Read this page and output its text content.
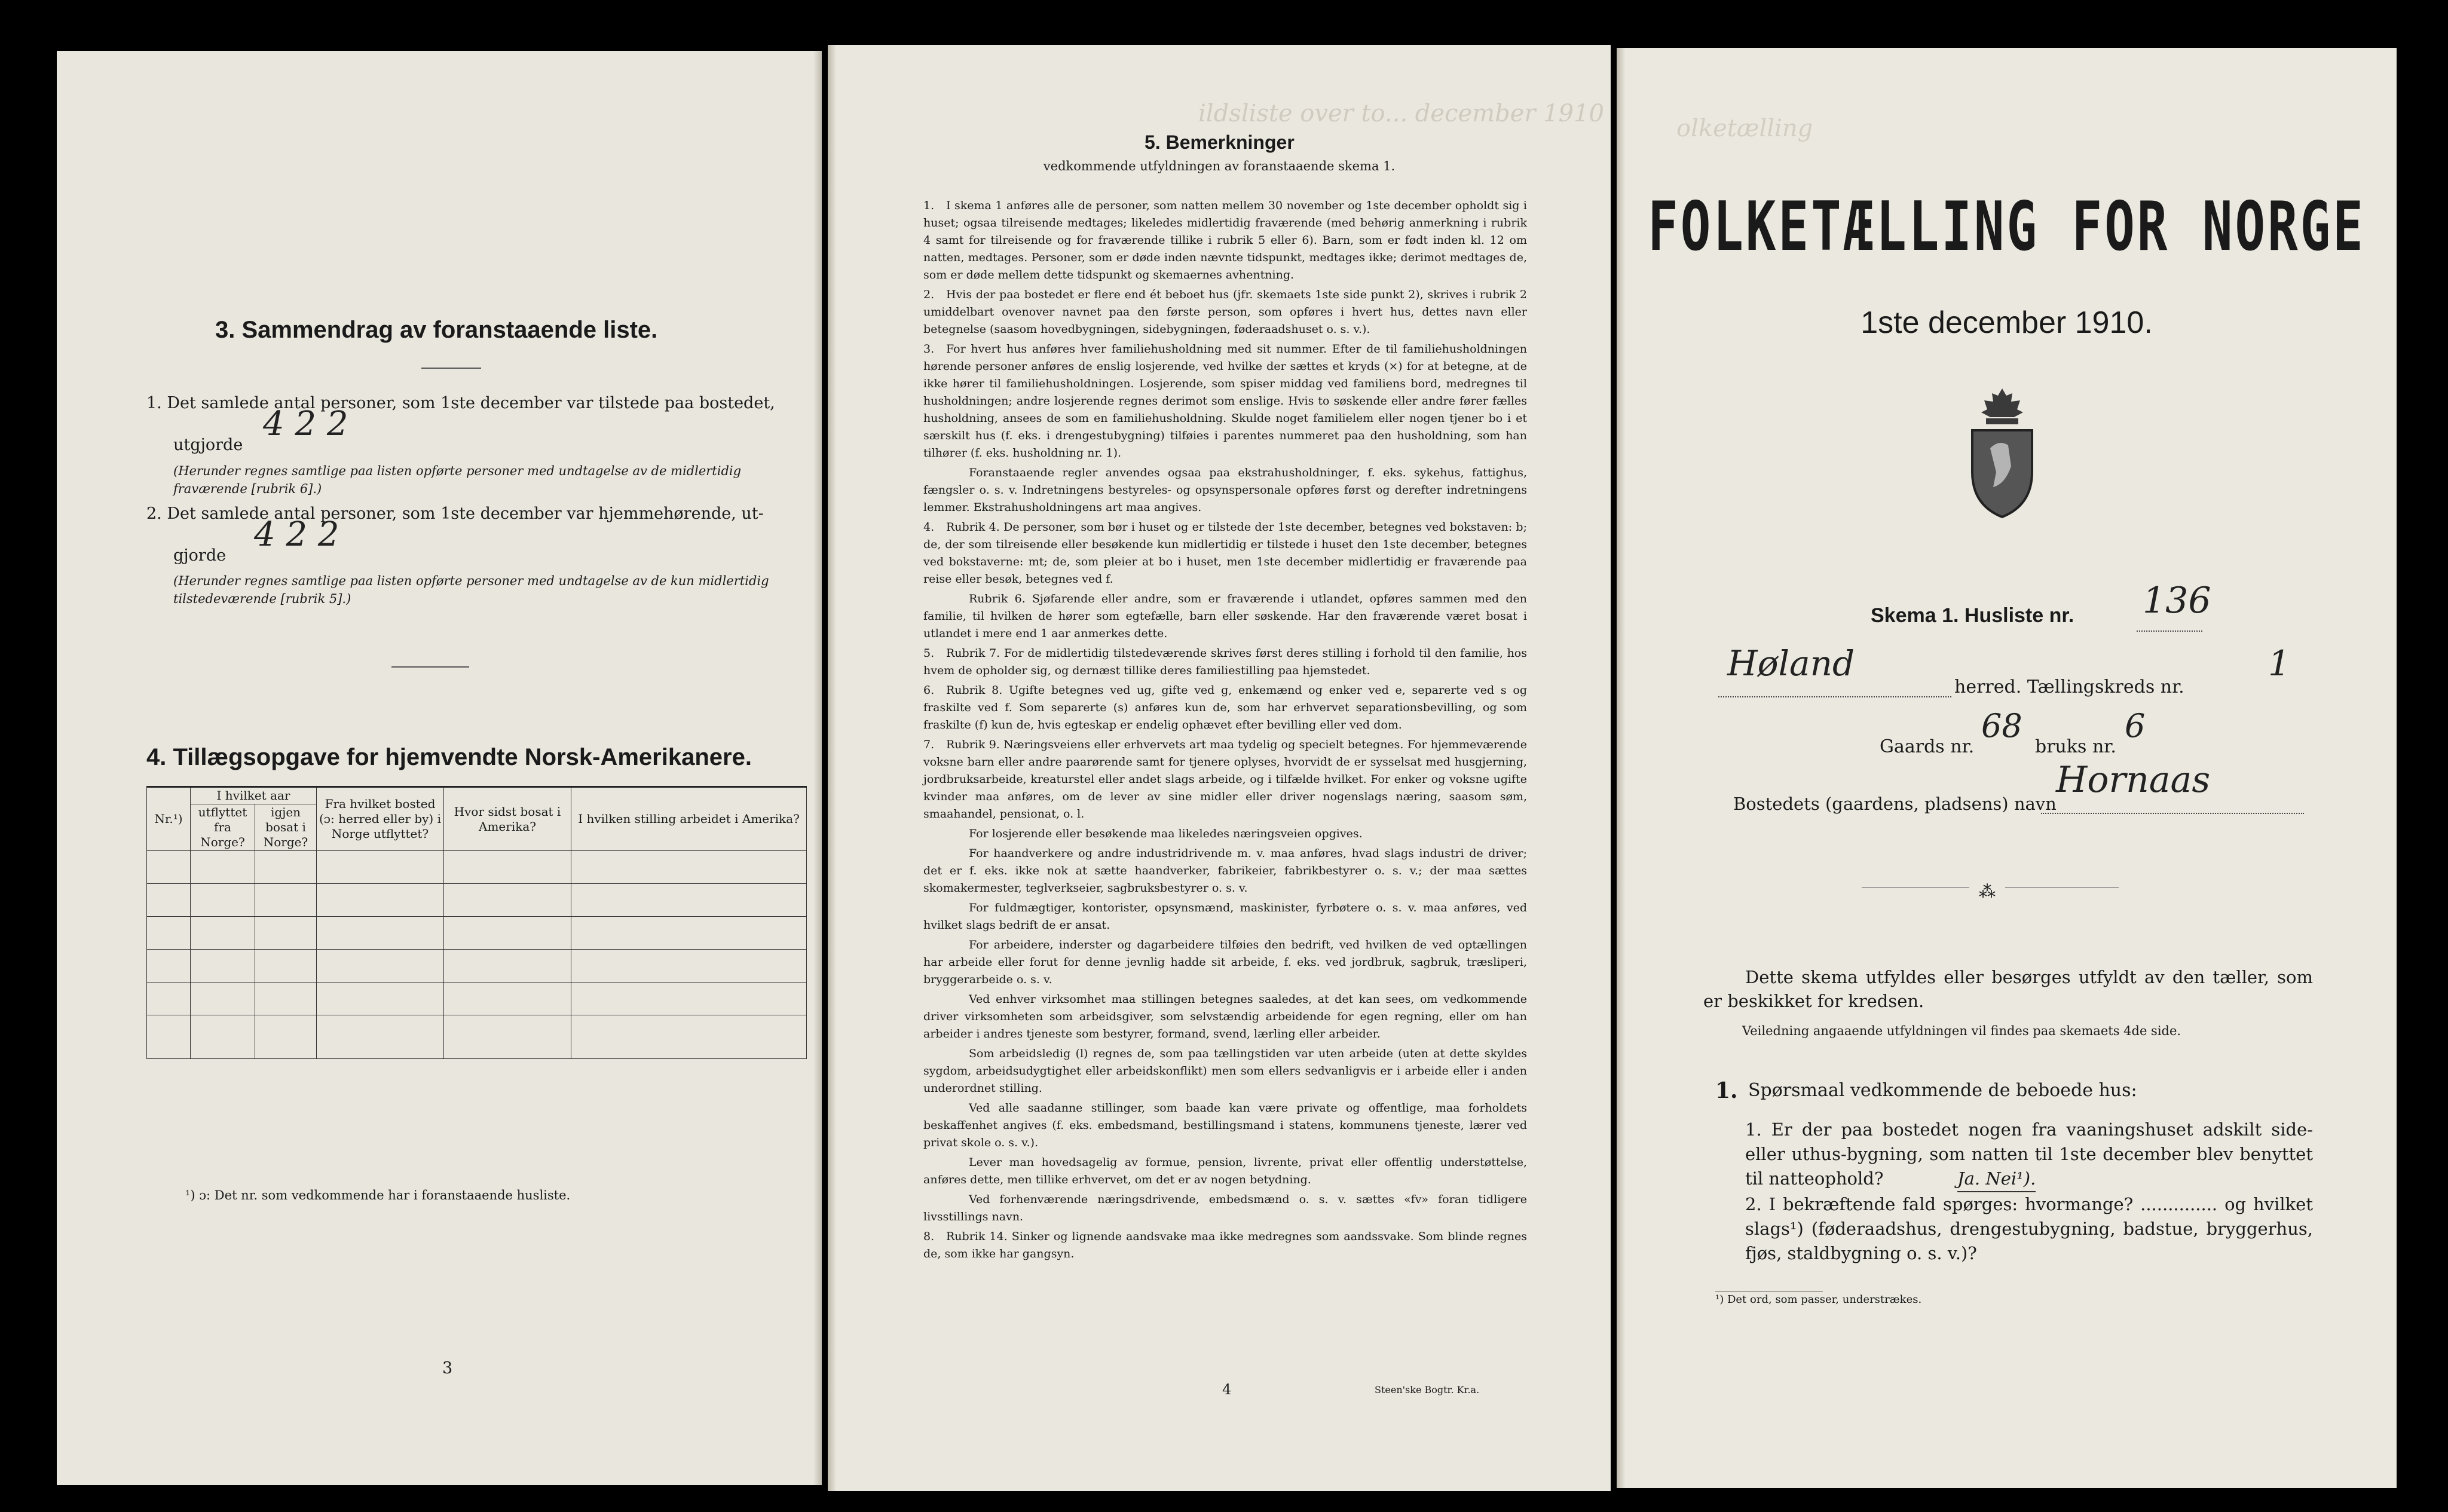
3. Sammendrag av foranstaaende liste.
1. Det samlede antal personer, som 1ste december var tilstede paa bostedet,
utgjorde
4 2 2
(Herunder regnes samtlige paa listen opførte personer med undtagelse av de midlertidig fraværende [rubrik 6].)
2. Det samlede antal personer, som 1ste december var hjemmehørende, ut-
gjorde
4 2 2
(Herunder regnes samtlige paa listen opførte personer med undtagelse av de kun midlertidig tilstedeværende [rubrik 5].)
4. Tillægsopgave for hjemvendte Norsk-Amerikanere.
Nr.¹)	I hvilket aar		Fra hvilket bosted (ɔ: herred eller by) i Norge utflyttet?	Hvor sidst bosat i Amerika?	I hvilken stilling arbeidet i Amerika?
	utflyttet fra Norge?	igjen bosat i Norge?			

¹) ɔ: Det nr. som vedkommende har i foranstaaende husliste.
3
ildsliste over to... december 1910
5. Bemerkninger
vedkommende utfyldningen av foranstaaende skema 1.

1. I skema 1 anføres alle de personer, som natten mellem 30 november og 1ste december opholdt sig i huset; ogsaa tilreisende medtages; likeledes midlertidig fraværende (med behørig anmerkning i rubrik 4 samt for tilreisende og for fraværende tillike i rubrik 5 eller 6). Barn, som er født inden kl. 12 om natten, medtages. Personer, som er døde inden nævnte tidspunkt, medtages ikke; derimot medtages de, som er døde mellem dette tidspunkt og skemaernes avhentning.

2. Hvis der paa bostedet er flere end ét beboet hus (jfr. skemaets 1ste side punkt 2), skrives i rubrik 2 umiddelbart ovenover navnet paa den første person, som opføres i hvert hus, dettes navn eller betegnelse (saasom hovedbygningen, sidebygningen, føderaadshuset o. s. v.).

3. For hvert hus anføres hver familiehusholdning med sit nummer. Efter de til familiehusholdningen hørende personer anføres de enslig losjerende, ved hvilke der sættes et kryds (×) for at betegne, at de ikke hører til familiehusholdningen. Losjerende, som spiser middag ved familiens bord, medregnes til husholdningen; andre losjerende regnes derimot som enslige. Hvis to søskende eller andre fører fælles husholdning, ansees de som en familiehusholdning. Skulde noget familielem eller nogen tjener bo i et særskilt hus (f. eks. i drengestubygning) tilføies i parentes nummeret paa den husholdning, som han tilhører (f. eks. husholdning nr. 1).

Foranstaaende regler anvendes ogsaa paa ekstrahusholdninger, f. eks. sykehus, fattighus, fængsler o. s. v. Indretningens bestyreles- og opsynspersonale opføres først og derefter indretningens lemmer. Ekstrahusholdningens art maa angives.

4. Rubrik 4. De personer, som bør i huset og er tilstede der 1ste december, betegnes ved bokstaven: b; de, der som tilreisende eller besøkende kun midlertidig er tilstede i huset den 1ste december, betegnes ved bokstaverne: mt; de, som pleier at bo i huset, men 1ste december midlertidig er fraværende paa reise eller besøk, betegnes ved f.

Rubrik 6. Sjøfarende eller andre, som er fraværende i utlandet, opføres sammen med den familie, til hvilken de hører som egtefælle, barn eller søskende. Har den fraværende været bosat i utlandet i mere end 1 aar anmerkes dette.

5. Rubrik 7. For de midlertidig tilstedeværende skrives først deres stilling i forhold til den familie, hos hvem de opholder sig, og dernæst tillike deres familiestilling paa hjemstedet.

6. Rubrik 8. Ugifte betegnes ved ug, gifte ved g, enkemænd og enker ved e, separerte ved s og fraskilte ved f. Som separerte (s) anføres kun de, som har erhvervet separationsbevilling, og som fraskilte (f) kun de, hvis egteskap er endelig ophævet efter bevilling eller ved dom.

7. Rubrik 9. Næringsveiens eller erhvervets art maa tydelig og specielt betegnes. For hjemmeværende voksne barn eller andre paarørende samt for tjenere oplyses, hvorvidt de er sysselsat med husgjerning, jordbruksarbeide, kreaturstel eller andet slags arbeide, og i tilfælde hvilket. For enker og voksne ugifte kvinder maa anføres, om de lever av sine midler eller driver nogenslags næring, saasom søm, smaahandel, pensionat, o. l.

For losjerende eller besøkende maa likeledes næringsveien opgives.

For haandverkere og andre industridrivende m. v. maa anføres, hvad slags industri de driver; det er f. eks. ikke nok at sætte haandverker, fabrikeier, fabrikbestyrer o. s. v.; der maa sættes skomakermester, teglverkseier, sagbruksbestyrer o. s. v.

For fuldmægtiger, kontorister, opsynsmænd, maskinister, fyrbøtere o. s. v. maa anføres, ved hvilket slags bedrift de er ansat.

For arbeidere, inderster og dagarbeidere tilføies den bedrift, ved hvilken de ved optællingen har arbeide eller forut for denne jevnlig hadde sit arbeide, f. eks. ved jordbruk, sagbruk, træsliperi, bryggerarbeide o. s. v.

Ved enhver virksomhet maa stillingen betegnes saaledes, at det kan sees, om vedkommende driver virksomheten som arbeidsgiver, som selvstændig arbeidende for egen regning, eller om han arbeider i andres tjeneste som bestyrer, formand, svend, lærling eller arbeider.

Som arbeidsledig (l) regnes de, som paa tællingstiden var uten arbeide (uten at dette skyldes sygdom, arbeidsudygtighet eller arbeidskonflikt) men som ellers sedvanligvis er i arbeide eller i anden underordnet stilling.

Ved alle saadanne stillinger, som baade kan være private og offentlige, maa forholdets beskaffenhet angives (f. eks. embedsmand, bestillingsmand i statens, kommunens tjeneste, lærer ved privat skole o. s. v.).

Lever man hovedsagelig av formue, pension, livrente, privat eller offentlig understøttelse, anføres dette, men tillike erhvervet, om det er av nogen betydning.

Ved forhenværende næringsdrivende, embedsmænd o. s. v. sættes «fv» foran tidligere livsstillings navn.

8. Rubrik 14. Sinker og lignende aandsvake maa ikke medregnes som aandssvake. Som blinde regnes de, som ikke har gangsyn.

4	Steen'ske Bogtr. Kr.a.
olketælling
FOLKETÆLLING FOR NORGE
1ste december 1910.
Skema 1. Husliste nr. 136
Høland
herred. Tællingskreds nr.
1
Gaards nr.
68
bruks nr.
6
Bostedets (gaardens, pladsens) navn
Hornaas
⁂
Dette skema utfyldes eller besørges utfyldt av den tæller, som er beskikket for kredsen.
Veiledning angaaende utfyldningen vil findes paa skemaets 4de side.
1. Spørsmaal vedkommende de beboede hus:
1. Er der paa bostedet nogen fra vaaningshuset adskilt side- eller uthus-bygning, som natten til 1ste december blev benyttet til natteophold?	Ja. Nei¹).
2. I bekræftende fald spørges: hvormange? .............. og hvilket slags¹) (føderaadshus, drengestubygning, badstue, bryggerhus, fjøs, staldbygning o. s. v.)?
¹) Det ord, som passer, understrækes.
